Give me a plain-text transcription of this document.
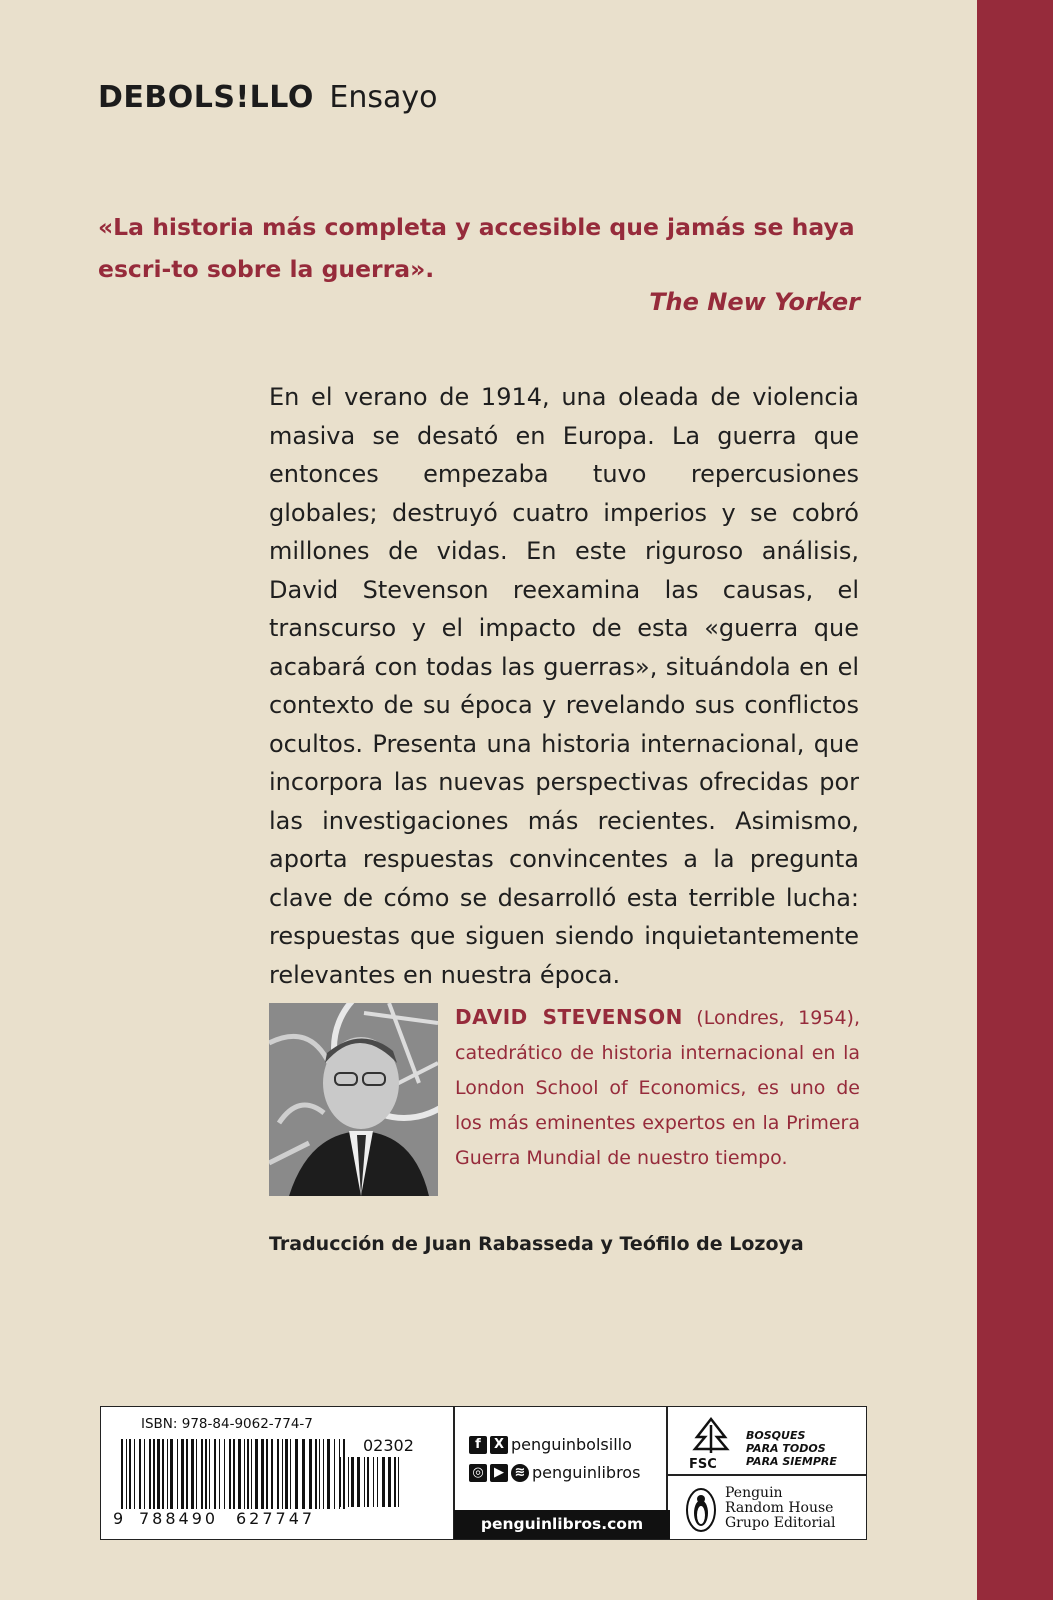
DEBOLS!LLO Ensayo
«La historia más completa y accesible que jamás se haya escri-to sobre la guerra».
The New Yorker

En el verano de 1914, una oleada de violencia masiva se desató en Europa. La guerra que entonces empezaba tuvo repercusiones globales; destruyó cuatro imperios y se cobró millones de vidas. En este riguroso análisis, David Stevenson reexamina las causas, el transcurso y el impacto de esta «guerra que acabará con todas las guerras», situándola en el contexto de su época y revelando sus conflictos ocultos. Presenta una historia internacional, que incorpora las nuevas perspectivas ofrecidas por las investigaciones más recientes. Asimismo, aporta respuestas convincentes a la pregunta clave de cómo se desarrolló esta terrible lucha: respuestas que siguen siendo inquietantemente relevantes en nuestra época.

DAVID STEVENSON (Londres, 1954), catedrático de historia internacional en la London School of Economics, es uno de los más eminentes expertos en la Primera Guerra Mundial de nuestro tiempo.

Traducción de Juan Rabasseda y Teófilo de Lozoya
ISBN: 978-84-9062-774-7
02302
9 788490 627747
f	X penguinbolsillo
◎ ▶ ≋ penguinlibros
penguinlibros.com
FSC
BOSQUES
PARA TODOS
PARA SIEMPRE
Penguin
Random House
Grupo Editorial
